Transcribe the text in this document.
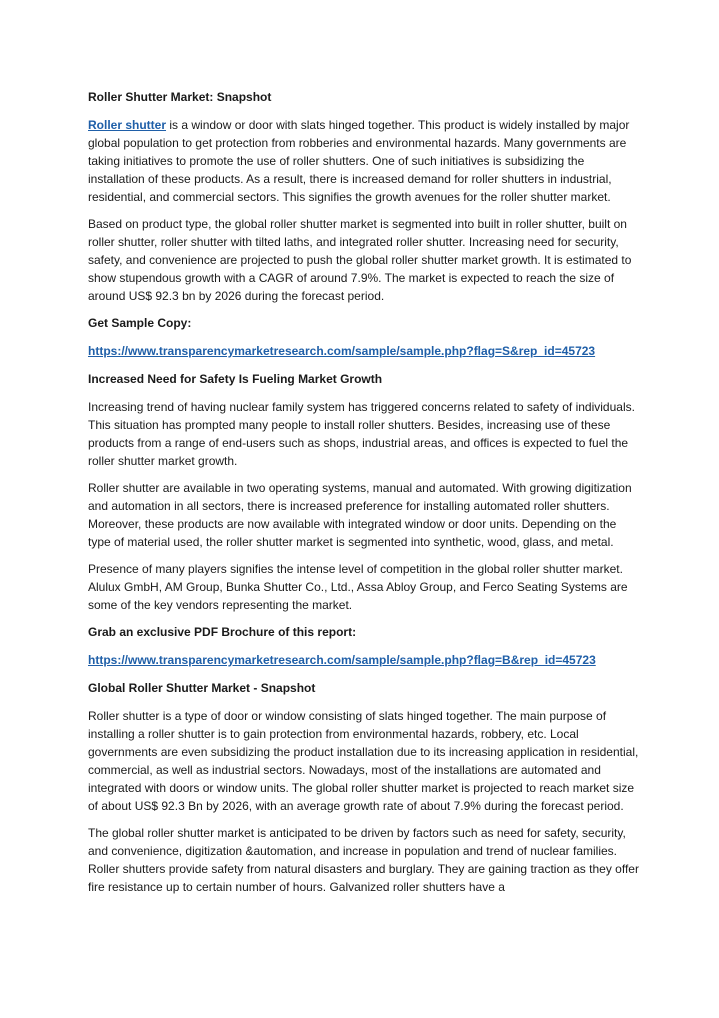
Roller Shutter Market: Snapshot

Roller shutter is a window or door with slats hinged together. This product is widely installed by major global population to get protection from robberies and environmental hazards. Many governments are taking initiatives to promote the use of roller shutters. One of such initiatives is subsidizing the installation of these products. As a result, there is increased demand for roller shutters in industrial, residential, and commercial sectors. This signifies the growth avenues for the roller shutter market.

Based on product type, the global roller shutter market is segmented into built in roller shutter, built on roller shutter, roller shutter with tilted laths, and integrated roller shutter. Increasing need for security, safety, and convenience are projected to push the global roller shutter market growth. It is estimated to show stupendous growth with a CAGR of around 7.9%. The market is expected to reach the size of around US$ 92.3 bn by 2026 during the forecast period.

Get Sample Copy:
https://www.transparencymarketresearch.com/sample/sample.php?flag=S&rep_id=45723
Increased Need for Safety Is Fueling Market Growth

Increasing trend of having nuclear family system has triggered concerns related to safety of individuals. This situation has prompted many people to install roller shutters. Besides, increasing use of these products from a range of end-users such as shops, industrial areas, and offices is expected to fuel the roller shutter market growth.

Roller shutter are available in two operating systems, manual and automated. With growing digitization and automation in all sectors, there is increased preference for installing automated roller shutters. Moreover, these products are now available with integrated window or door units. Depending on the type of material used, the roller shutter market is segmented into synthetic, wood, glass, and metal.

Presence of many players signifies the intense level of competition in the global roller shutter market. Alulux GmbH, AM Group, Bunka Shutter Co., Ltd., Assa Abloy Group, and Ferco Seating Systems are some of the key vendors representing the market.

Grab an exclusive PDF Brochure of this report:
https://www.transparencymarketresearch.com/sample/sample.php?flag=B&rep_id=45723
Global Roller Shutter Market - Snapshot

Roller shutter is a type of door or window consisting of slats hinged together. The main purpose of installing a roller shutter is to gain protection from environmental hazards, robbery, etc. Local governments are even subsidizing the product installation due to its increasing application in residential, commercial, as well as industrial sectors. Nowadays, most of the installations are automated and integrated with doors or window units. The global roller shutter market is projected to reach market size of about US$ 92.3 Bn by 2026, with an average growth rate of about 7.9% during the forecast period.

The global roller shutter market is anticipated to be driven by factors such as need for safety, security, and convenience, digitization &automation, and increase in population and trend of nuclear families. Roller shutters provide safety from natural disasters and burglary. They are gaining traction as they offer fire resistance up to certain number of hours. Galvanized roller shutters have a
